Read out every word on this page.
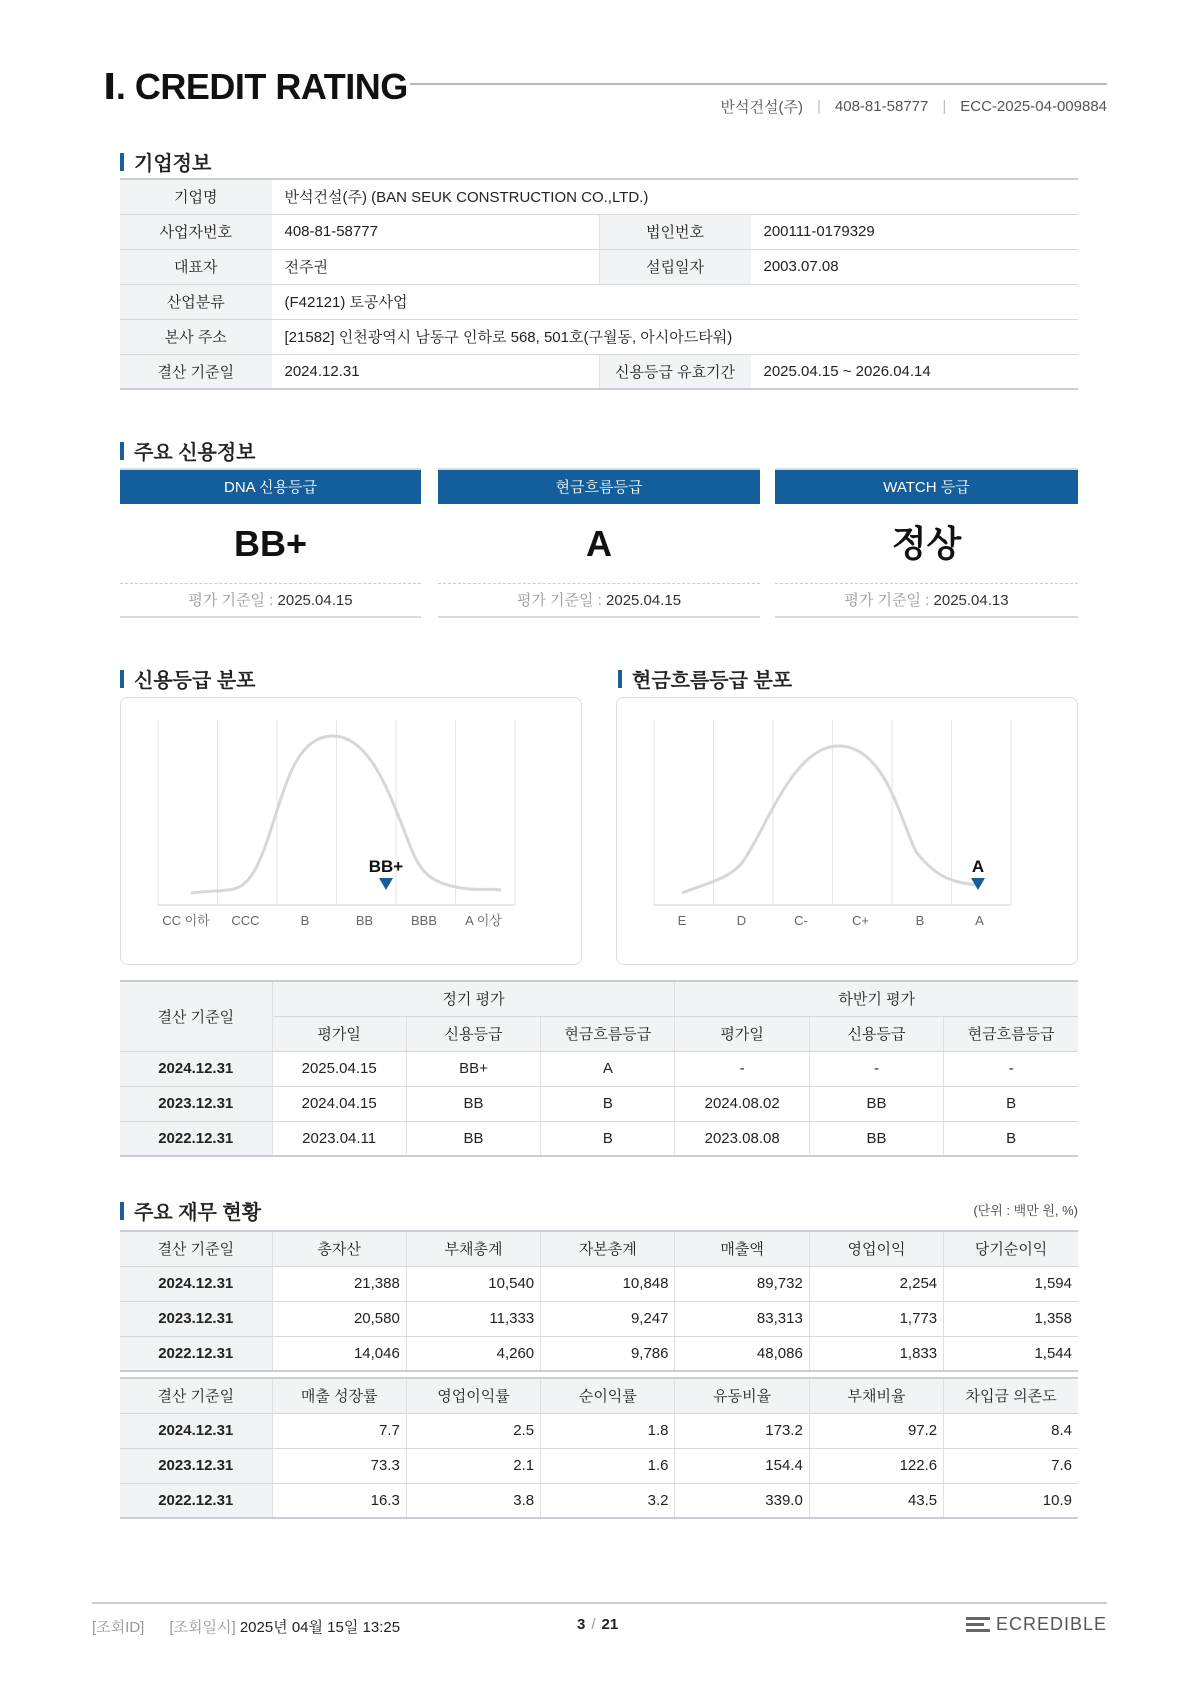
Ⅰ. CREDIT RATING
반석건설(주) | 408-81-58777 | ECC-2025-04-009884
기업정보
기업명	반석건설(주) (BAN SEUK CONSTRUCTION CO.,LTD.)		
사업자번호	408-81-58777	법인번호	200111-0179329
대표자	전주권	설립일자	2003.07.08
산업분류	(F42121) 토공사업		
본사 주소	[21582] 인천광역시 남동구 인하로 568, 501호(구월동, 아시아드타워)		
결산 기준일	2024.12.31	신용등급 유효기간	2025.04.15 ~ 2026.04.14
주요 신용정보
DNA 신용등급
BB+
평가 기준일 : 2025.04.15
현금흐름등급
A
평가 기준일 : 2025.04.15
WATCH 등급
정상
평가 기준일 : 2025.04.13
신용등급 분포	현금흐름등급 분포
CC 이하 CCC	B	BB	BBB A 이상
BB+
E	D	C-	C+	B	A
A
결산 기준일	정기 평가			하반기 평가		
	평가일	신용등급	현금흐름등급	평가일	신용등급	현금흐름등급
2024.12.31	2025.04.15	BB+	A	-	-	-
2023.12.31	2024.04.15	BB	B	2024.08.02	BB	B
2022.12.31	2023.04.11	BB	B	2023.08.08	BB	B
주요 재무 현황	(단위 : 백만 원, %)
결산 기준일	총자산	부채총계	자본총계	매출액	영업이익	당기순이익
2024.12.31	21,388	10,540	10,848	89,732	2,254	1,594
2023.12.31	20,580	11,333	9,247	83,313	1,773	1,358
2022.12.31	14,046	4,260	9,786	48,086	1,833	1,544
결산 기준일	매출 성장률	영업이익률	순이익률	유동비율	부채비율	차입금 의존도
2024.12.31	7.7	2.5	1.8	173.2	97.2	8.4
2023.12.31	73.3	2.1	1.6	154.4	122.6	7.6
2022.12.31	16.3	3.8	3.2	339.0	43.5	10.9
[조회ID] [조회일시] 2025년 04월 15일 13:25	3 / 21	ECREDIBLE
